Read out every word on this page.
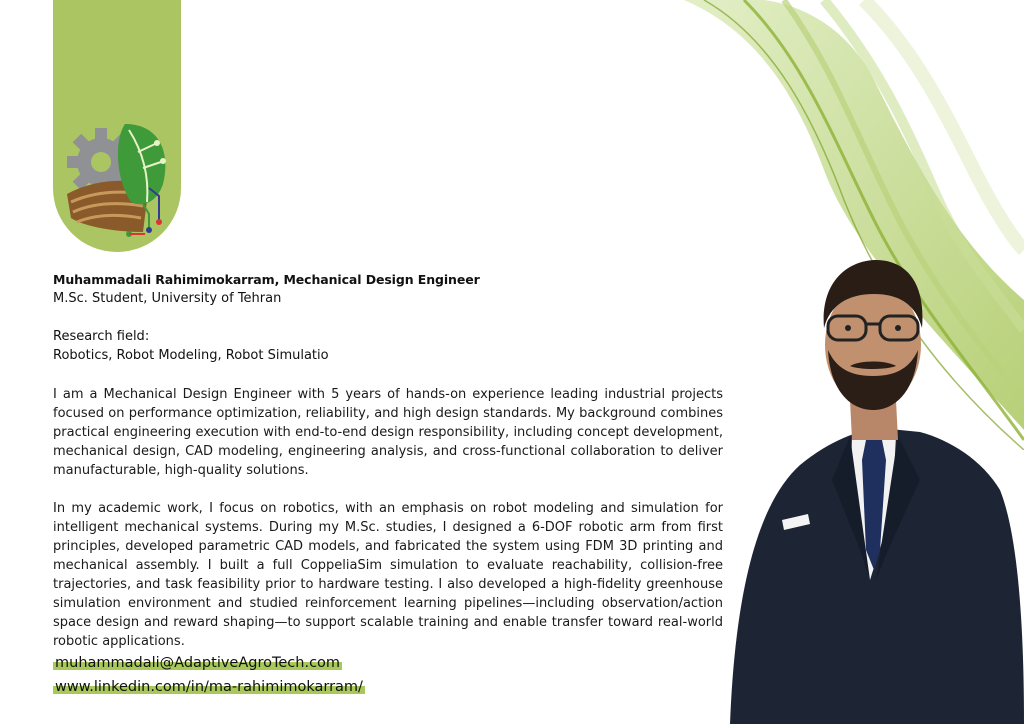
Muhammadali Rahimimokarram, Mechanical Design Engineer
M.Sc. Student, University of Tehran
Research field:
Robotics, Robot Modeling, Robot Simulatio
I am a Mechanical Design Engineer with 5 years of hands-on experience leading industrial projects focused on performance optimization, reliability, and high design standards. My background combines practical engineering execution with end-to-end design responsibility, including concept development, mechanical design, CAD modeling, engineering analysis, and cross-functional collaboration to deliver manufacturable, high-quality solutions.
In my academic work, I focus on robotics, with an emphasis on robot modeling and simulation for intelligent mechanical systems. During my M.Sc. studies, I designed a 6-DOF robotic arm from first principles, developed parametric CAD models, and fabricated the system using FDM 3D printing and mechanical assembly. I built a full CoppeliaSim simulation to evaluate reachability, collision-free trajectories, and task feasibility prior to hardware testing. I also developed a high-fidelity greenhouse simulation environment and studied reinforcement learning pipelines—including observation/action space design and reward shaping—to support scalable training and enable transfer toward real-world robotic applications.
muhammadali@AdaptiveAgroTech.com
www.linkedin.com/in/ma-rahimimokarram/
